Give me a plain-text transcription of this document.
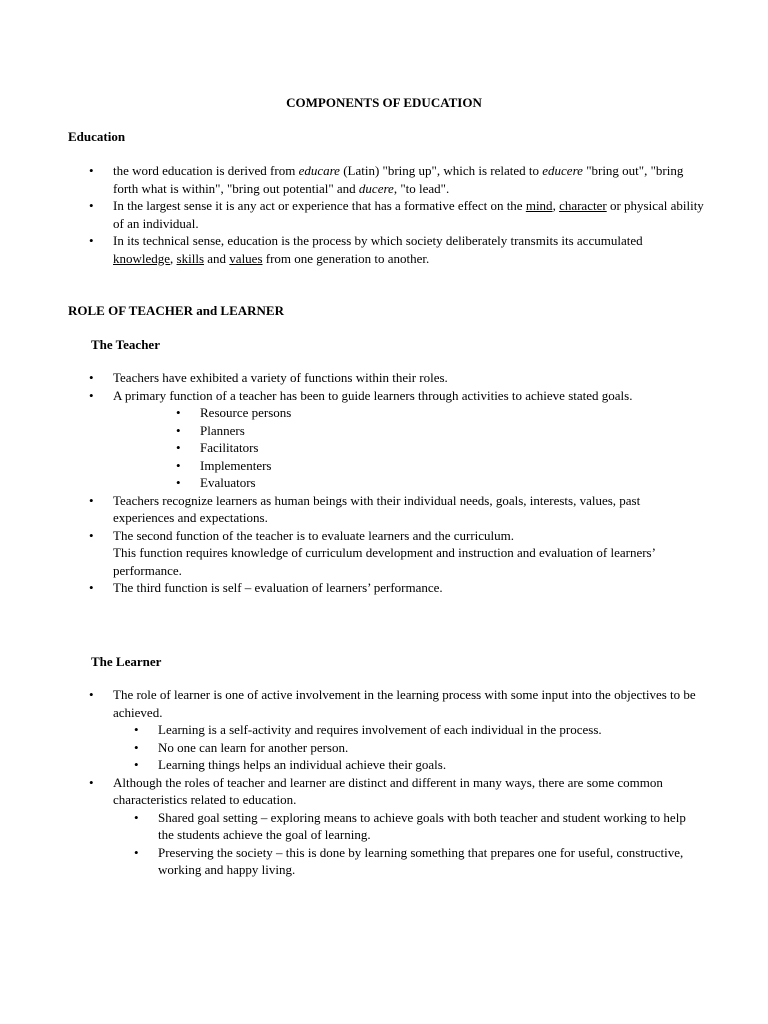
COMPONENTS OF EDUCATION
Education
• the word education is derived from educare (Latin) "bring up", which is related to educere "bring out", "bring forth what is within", "bring out potential" and ducere, "to lead".
• In the largest sense it is any act or experience that has a formative effect on the mind, character or physical ability of an individual.
• In its technical sense, education is the process by which society deliberately transmits its accumulated knowledge, skills and values from one generation to another.
ROLE OF TEACHER and LEARNER
The Teacher
• Teachers have exhibited a variety of functions within their roles.
• A primary function of a teacher has been to guide learners through activities to achieve stated goals.
• Resource persons
• Planners
• Facilitators
• Implementers
• Evaluators
• Teachers recognize learners as human beings with their individual needs, goals, interests, values, past experiences and expectations.
• The second function of the teacher is to evaluate learners and the curriculum.
This function requires knowledge of curriculum development and instruction and evaluation of learners’ performance.
• The third function is self – evaluation of learners’ performance.
The Learner
• The role of learner is one of active involvement in the learning process with some input into the objectives to be achieved.
• Learning is a self-activity and requires involvement of each individual in the process.
• No one can learn for another person.
• Learning things helps an individual achieve their goals.
• Although the roles of teacher and learner are distinct and different in many ways, there are some common characteristics related to education.
• Shared goal setting – exploring means to achieve goals with both teacher and student working to help the students achieve the goal of learning.
• Preserving the society – this is done by learning something that prepares one for useful, constructive, working and happy living.
